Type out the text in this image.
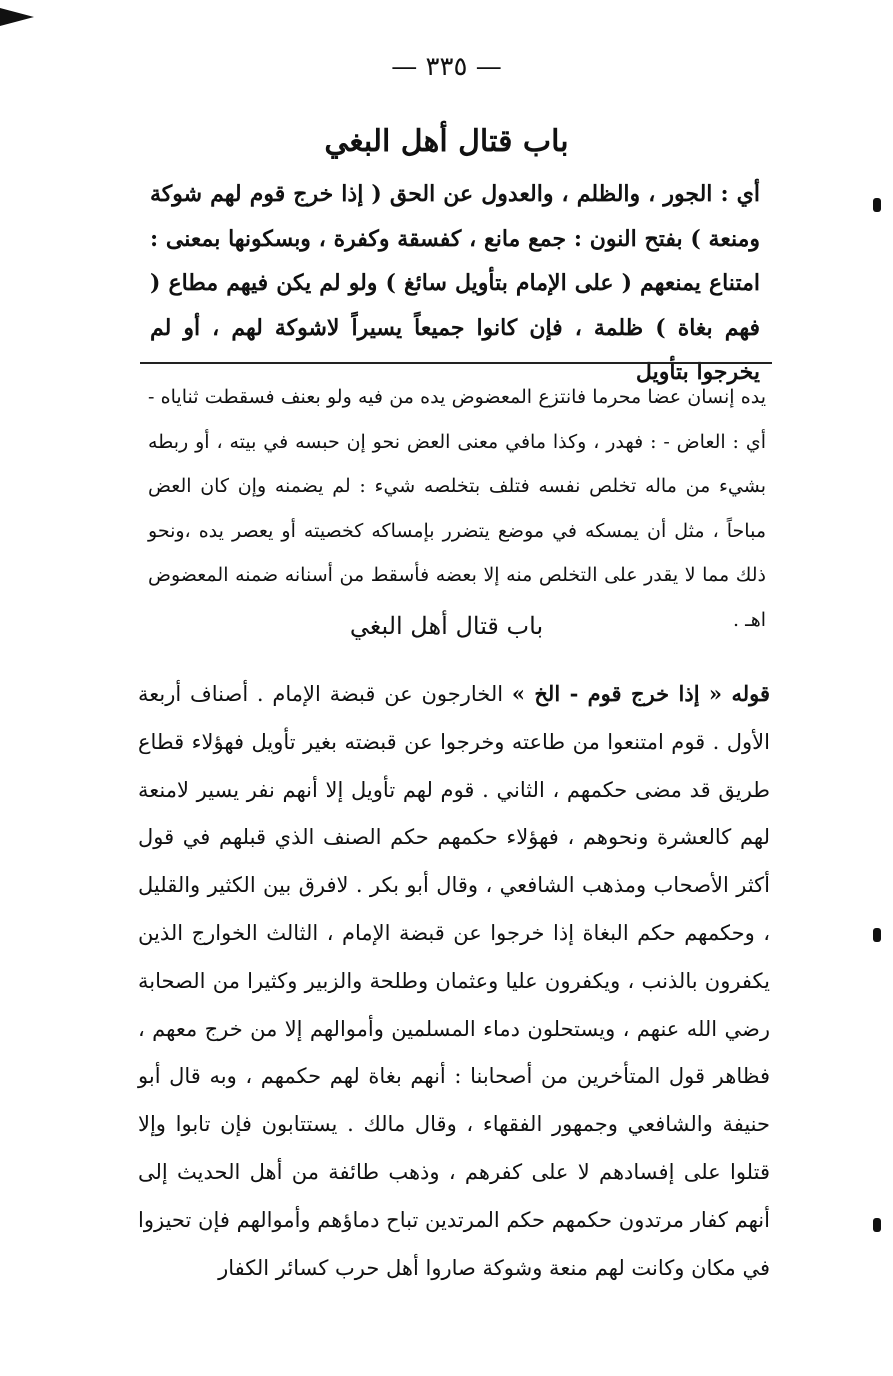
— ٣٣٥ —
باب قتال أهل البغي
أي : الجور ، والظلم ، والعدول عن الحق ( إذا خرج قوم لهم شوكة ومنعة ) بفتح النون : جمع مانع ، كفسقة وكفرة ، وبسكونها بمعنى : امتناع يمنعهم ( على الإمام بتأويل سائغ ) ولو لم يكن فيهم مطاع ( فهم بغاة ) ظلمة ، فإن كانوا جميعاً يسيراً لاشوكة لهم ، أو لم يخرجوا بتأويل
يده إنسان عضا محرما فانتزع المعضوض يده من فيه ولو بعنف فسقطت ثناياه - أي : العاض - : فهدر ، وكذا مافي معنى العض نحو إن حبسه في بيته ، أو ربطه بشيء من ماله تخلص نفسه فتلف بتخلصه شيء : لم يضمنه وإن كان العض مباحاً ، مثل أن يمسكه في موضع يتضرر بإمساكه كخصيته أو يعصر يده ،ونحو ذلك مما لا يقدر على التخلص منه إلا بعضه فأسقط من أسنانه ضمنه المعضوض اهـ .
باب قتال أهل البغي
قوله « إذا خرج قوم - الخ » الخارجون عن قبضة الإمام . أصناف أربعة الأول . قوم امتنعوا من طاعته وخرجوا عن قبضته بغير تأويل فهؤلاء قطاع طريق قد مضى حكمهم ، الثاني . قوم لهم تأويل إلا أنهم نفر يسير لامنعة لهم كالعشرة ونحوهم ، فهؤلاء حكمهم حكم الصنف الذي قبلهم في قول أكثر الأصحاب ومذهب الشافعي ، وقال أبو بكر . لافرق بين الكثير والقليل ، وحكمهم حكم البغاة إذا خرجوا عن قبضة الإمام ، الثالث الخوارج الذين يكفرون بالذنب ، ويكفرون عليا وعثمان وطلحة والزبير وكثيرا من الصحابة رضي الله عنهم ، ويستحلون دماء المسلمين وأموالهم إلا من خرج معهم ، فظاهر قول المتأخرين من أصحابنا : أنهم بغاة لهم حكمهم ، وبه قال أبو حنيفة والشافعي وجمهور الفقهاء ، وقال مالك . يستتابون فإن تابوا وإلا قتلوا على إفسادهم لا على كفرهم ، وذهب طائفة من أهل الحديث إلى أنهم كفار مرتدون حكمهم حكم المرتدين تباح دماؤهم وأموالهم فإن تحيزوا في مكان وكانت لهم منعة وشوكة صاروا أهل حرب كسائر الكفار
